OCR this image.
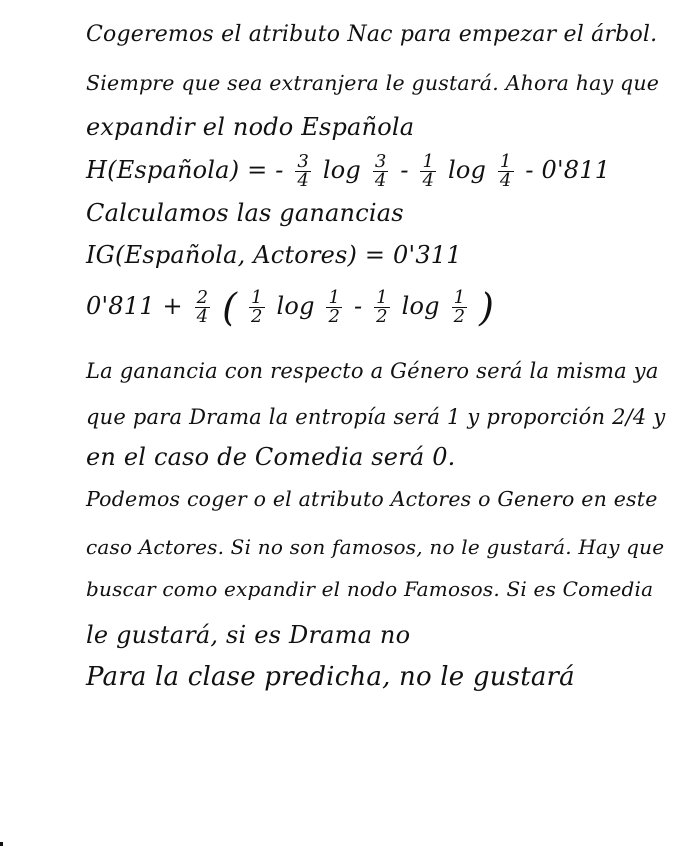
Cogeremos el atributo Nac para empezar el árbol.
Siempre que sea extranjera le gustará. Ahora hay que
expandir el nodo Española
H(Española) = - $\frac{3}{4}$ $\log \frac{3}{4} - \frac{1}{4}$ $\log \frac{1}{4} - 0'811$
Calculamos las ganancias
IG(Española, Actores) = 0'311
$0'811 + \frac{2}{4}$ ( $\frac{1}{2}$ $\log \frac{1}{2} - \frac{1}{2}$ $\log \frac{1}{2}$ )
La ganancia con respecto a Género será la misma ya
que para Drama la entropía será 1 y proporción 2/4 y
en el caso de Comedia será 0.
Podemos coger o el atributo Actores o Genero en este
caso Actores. Si no son famosos, no le gustará. Hay que
buscar como expandir el nodo Famosos. Si es Comedia
le gustará, si es Drama no
Para la clase predicha, no le gustará
